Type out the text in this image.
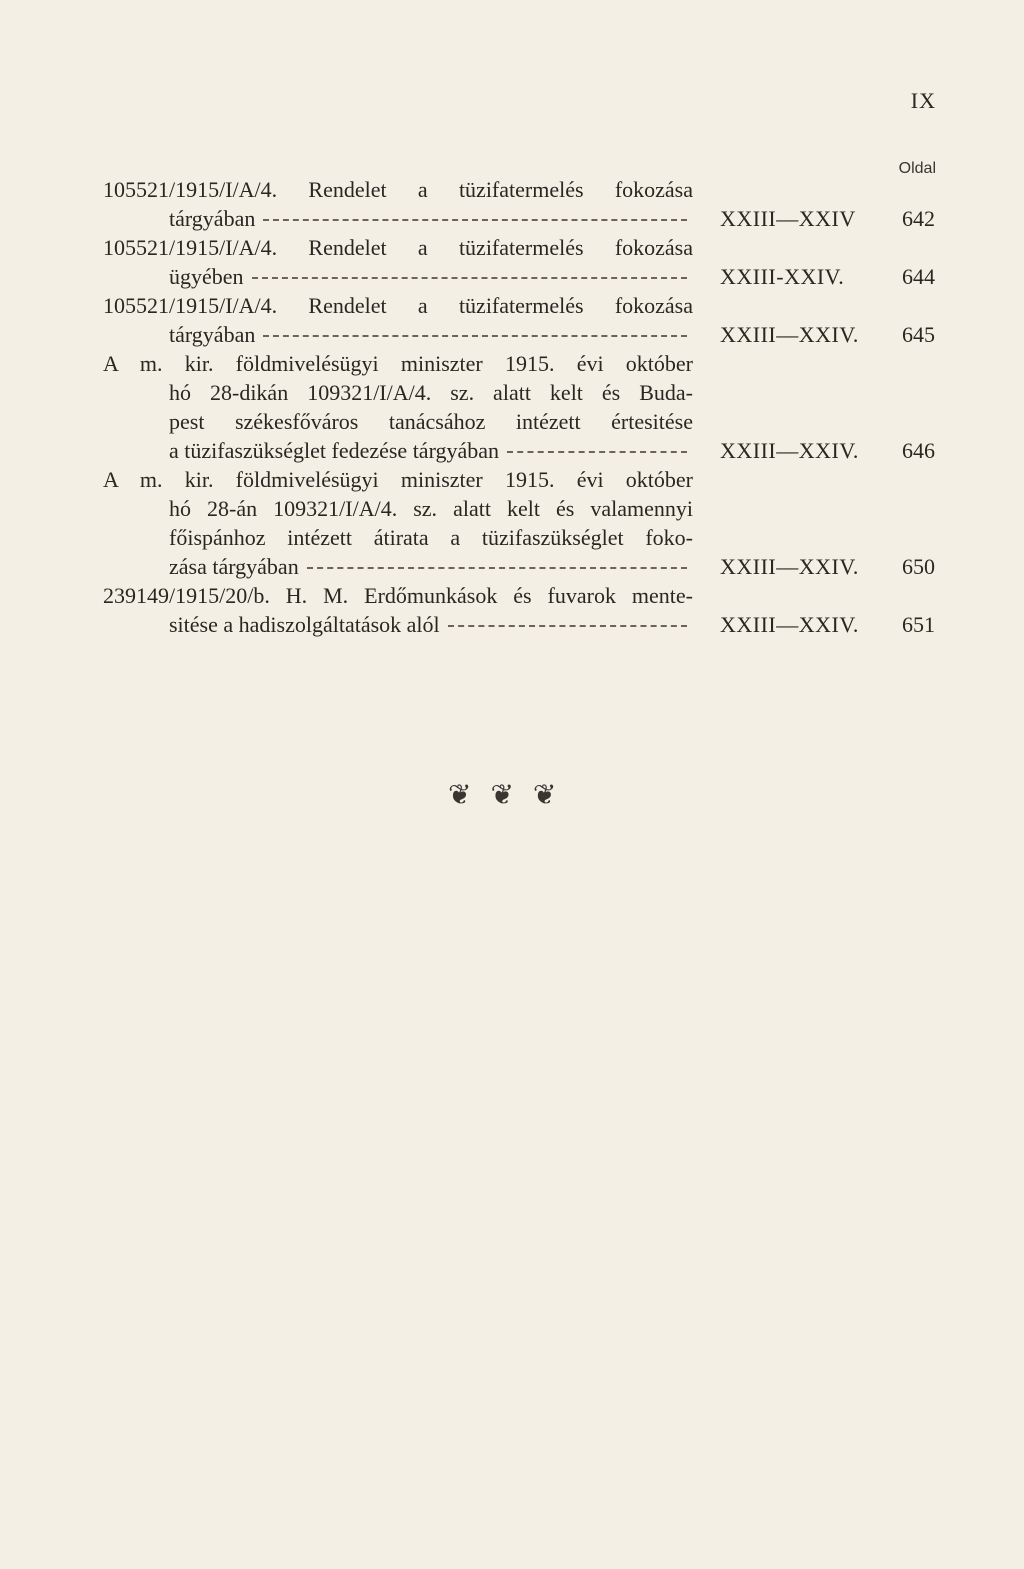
IX
Oldal
105521/1915/I/A/4. Rendelet a tüzifatermelés fokozása
tárgyában	XXIII—XXIV	642
105521/1915/I/A/4. Rendelet a tüzifatermelés fokozása
ügyében	XXIII-XXIV.	644
105521/1915/I/A/4. Rendelet a tüzifatermelés fokozása
tárgyában	XXIII—XXIV.	645
A m. kir. földmivelésügyi miniszter 1915. évi október
hó 28-dikán 109321/I/A/4. sz. alatt kelt és Buda-
pest székesfőváros tanácsához intézett értesitése
a tüzifaszükséglet fedezése tárgyában	XXIII—XXIV.	646
A m. kir. földmivelésügyi miniszter 1915. évi október
hó 28-án 109321/I/A/4. sz. alatt kelt és valamennyi
főispánhoz intézett átirata a tüzifaszükséglet foko-
zása tárgyában	XXIII—XXIV.	650
239149/1915/20/b. H. M. Erdőmunkások és fuvarok mente-
sitése a hadiszolgáltatások alól	XXIII—XXIV.	651
❦ ❦ ❦
